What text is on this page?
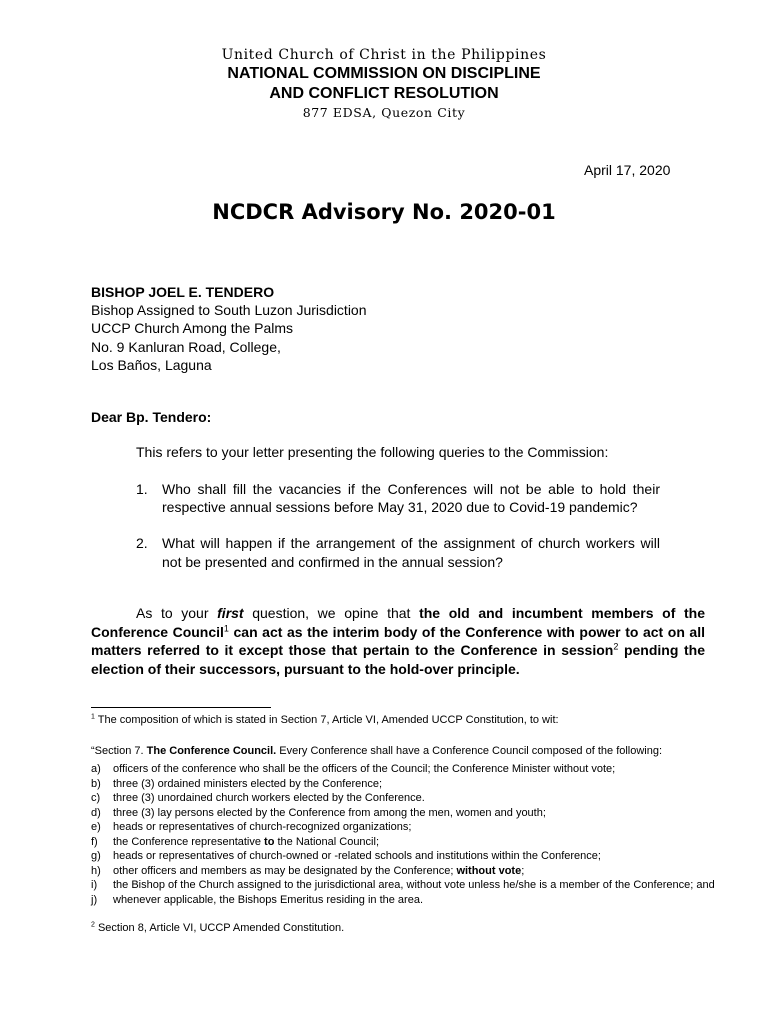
United Church of Christ in the Philippines
NATIONAL COMMISSION ON DISCIPLINE
AND CONFLICT RESOLUTION
877 EDSA, Quezon City
April 17, 2020
NCDCR Advisory No. 2020-01
BISHOP JOEL E. TENDERO
Bishop Assigned to South Luzon Jurisdiction
UCCP Church Among the Palms
No. 9 Kanluran Road, College,
Los Baños, Laguna
Dear Bp. Tendero:
This refers to your letter presenting the following queries to the Commission:
1. Who shall fill the vacancies if the Conferences will not be able to hold their respective annual sessions before May 31, 2020 due to Covid-19 pandemic?
2. What will happen if the arrangement of the assignment of church workers will not be presented and confirmed in the annual session?

As to your first question, we opine that the old and incumbent members of the Conference Council$^1$ can act as the interim body of the Conference with power to act on all matters referred to it except those that pertain to the Conference in session$^2$ pending the election of their successors, pursuant to the hold-over principle.

$^1$ The composition of which is stated in Section 7, Article VI, Amended UCCP Constitution, to wit:

“Section 7. The Conference Council. Every Conference shall have a Conference Council composed of the following:

a) officers of the conference who shall be the officers of the Council; the Conference Minister without vote;
b) three (3) ordained ministers elected by the Conference;
c) three (3) unordained church workers elected by the Conference.
d) three (3) lay persons elected by the Conference from among the men, women and youth;
e) heads or representatives of church-recognized organizations;
f) the Conference representative to the National Council;
g) heads or representatives of church-owned or -related schools and institutions within the Conference;
h) other officers and members as may be designated by the Conference; without vote;
i) the Bishop of the Church assigned to the jurisdictional area, without vote unless he/she is a member of the Conference; and
j) whenever applicable, the Bishops Emeritus residing in the area.

$^2$ Section 8, Article VI, UCCP Amended Constitution.
